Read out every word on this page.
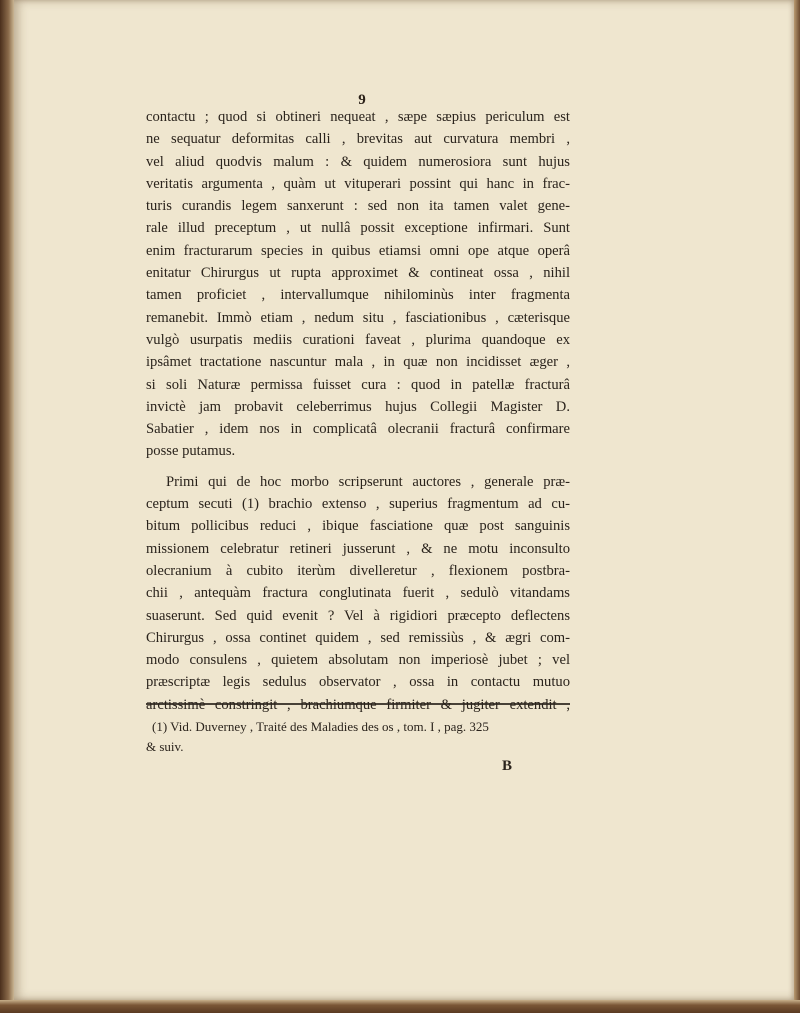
9
contactu ; quod si obtineri nequeat , sæpe sæpius periculum est
ne sequatur deformitas calli , brevitas aut curvatura membri ,
vel aliud quodvis malum : & quidem numerosiora sunt hujus
veritatis argumenta , quàm ut vituperari possint qui hanc in frac-
turis curandis legem sanxerunt : sed non ita tamen valet gene-
rale illud preceptum , ut nullâ possit exceptione infirmari. Sunt
enim fracturarum species in quibus etiamsi omni ope atque operâ
enitatur Chirurgus ut rupta approximet & contineat ossa , nihil
tamen proficiet , intervallumque nihilominùs inter fragmenta
remanebit. Immò etiam , nedum situ , fasciationibus , cæterisque
vulgò usurpatis mediis curationi faveat , plurima quandoque ex
ipsâmet tractatione nascuntur mala , in quæ non incidisset æger ,
si soli Naturæ permissa fuisset cura : quod in patellæ fracturâ
invictè jam probavit celeberrimus hujus Collegii Magister D.
Sabatier , idem nos in complicatâ olecranii fracturâ confirmare
posse putamus.
Primi qui de hoc morbo scripserunt auctores , generale præ-
ceptum secuti (1) brachio extenso , superius fragmentum ad cu-
bitum pollicibus reduci , ibique fasciatione quæ post sanguinis
missionem celebratur retineri jusserunt , & ne motu inconsulto
olecranium à cubito iterùm divelleretur , flexionem postbra-
chii , antequàm fractura conglutinata fuerit , sedulò vitandams
suaserunt. Sed quid evenit ? Vel à rigidiori præcepto deflectens
Chirurgus , ossa continet quidem , sed remissiùs , & ægri com-
modo consulens , quietem absolutam non imperiosè jubet ; vel
præscriptæ legis sedulus observator , ossa in contactu mutuo
(1) Vid. Duverney , Traité des Maladies des os , tom. I , pag. 325
& suiv.
B
